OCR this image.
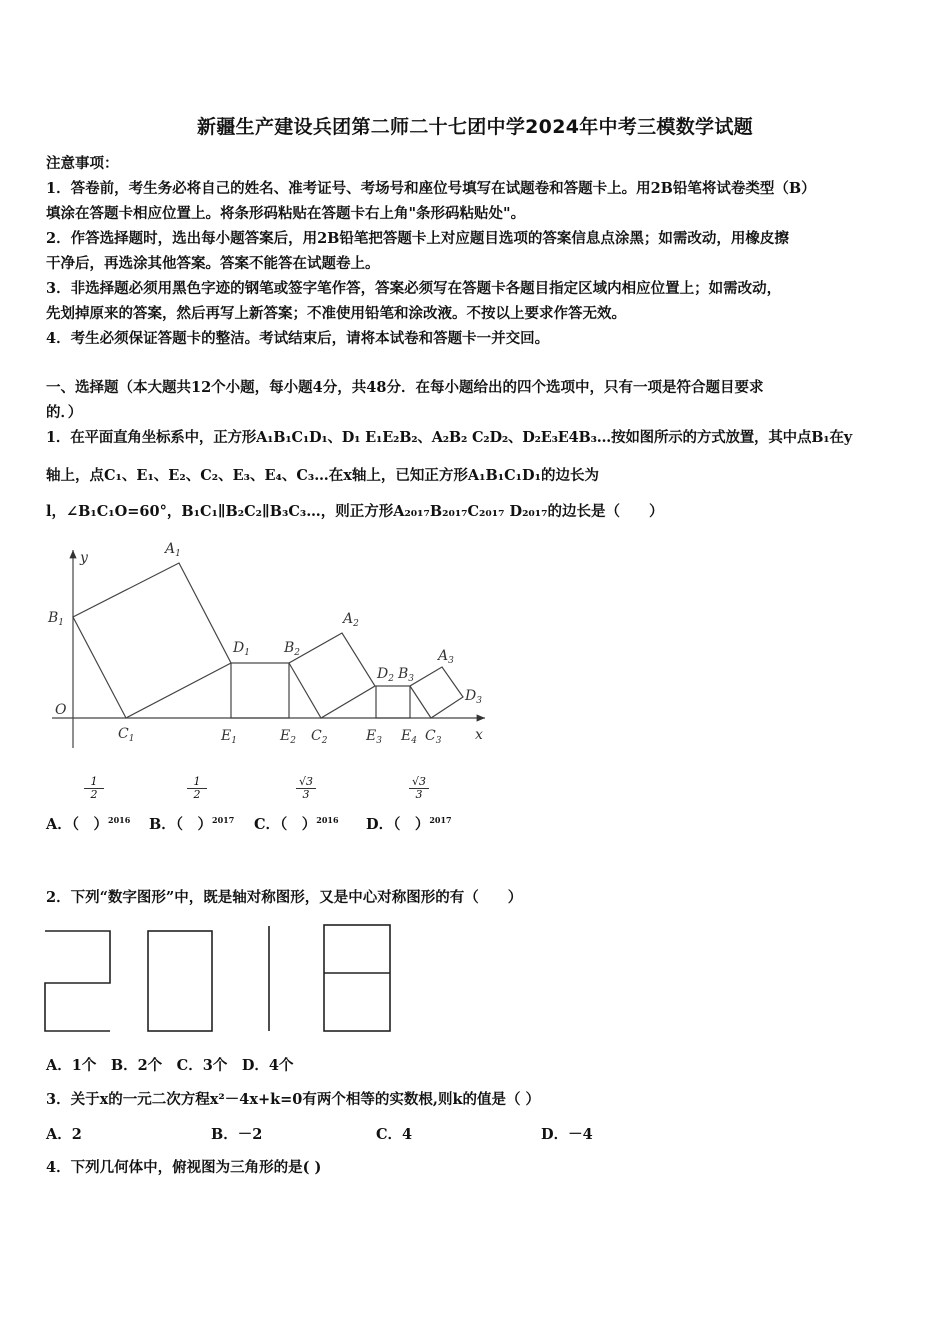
新疆生产建设兵团第二师二十七团中学2024年中考三模数学试题
注意事项：
1．答卷前，考生务必将自己的姓名、准考证号、考场号和座位号填写在试题卷和答题卡上。用2B铅笔将试卷类型（B）
填涂在答题卡相应位置上。将条形码粘贴在答题卡右上角"条形码粘贴处"。
2．作答选择题时，选出每小题答案后，用2B铅笔把答题卡上对应题目选项的答案信息点涂黑；如需改动，用橡皮擦
干净后，再选涂其他答案。答案不能答在试题卷上。
3．非选择题必须用黑色字迹的钢笔或签字笔作答，答案必须写在答题卡各题目指定区域内相应位置上；如需改动，
先划掉原来的答案，然后再写上新答案；不准使用铅笔和涂改液。不按以上要求作答无效。
4．考生必须保证答题卡的整洁。考试结束后，请将本试卷和答题卡一并交回。
一、选择题（本大题共12个小题，每小题4分，共48分．在每小题给出的四个选项中，只有一项是符合题目要求
的．）
1．在平面直角坐标系中，正方形A₁B₁C₁D₁、D₁ E₁E₂B₂、A₂B₂ C₂D₂、D₂E₃E4B₃…按如图所示的方式放置，其中点B₁在y
轴上，点C₁、E₁、E₂、C₂、E₃、E₄、C₃…在x轴上，已知正方形A₁B₁C₁D₁的边长为
l，∠B₁C₁O=60°，B₁C₁∥B₂C₂∥B₃C₃…，则正方形A₂₀₁₇B₂₀₁₇C₂₀₁₇ D₂₀₁₇的边长是（　　）
y
x
O
$B_1$
$A_1$
$D_1$ $B_2$
$A_2$
$D_2$ $B_3$
$A_3$
$D_3$
$C_1$	$E_1$	$E_2$ $C_2$	$E_3$ $E_4$ $C_3$
$\frac{1}{2}$
A．（　）$^{2016}$
$\frac{1}{2}$
B．（　）$^{2017}$
$\frac{√3}{3}$
C．（　）$^{2016}$
$\frac{√3}{3}$
D．（　）$^{2017}$
2．下列“数字图形”中，既是轴对称图形，又是中心对称图形的有（　　）
A．1个　B．2个　C．3个　D．4个
3．关于x的一元二次方程x²－4x+k=0有两个相等的实数根,则k的值是（ ）
A．2	B．－2	C．4	D．－4
4．下列几何体中，俯视图为三角形的是( )
